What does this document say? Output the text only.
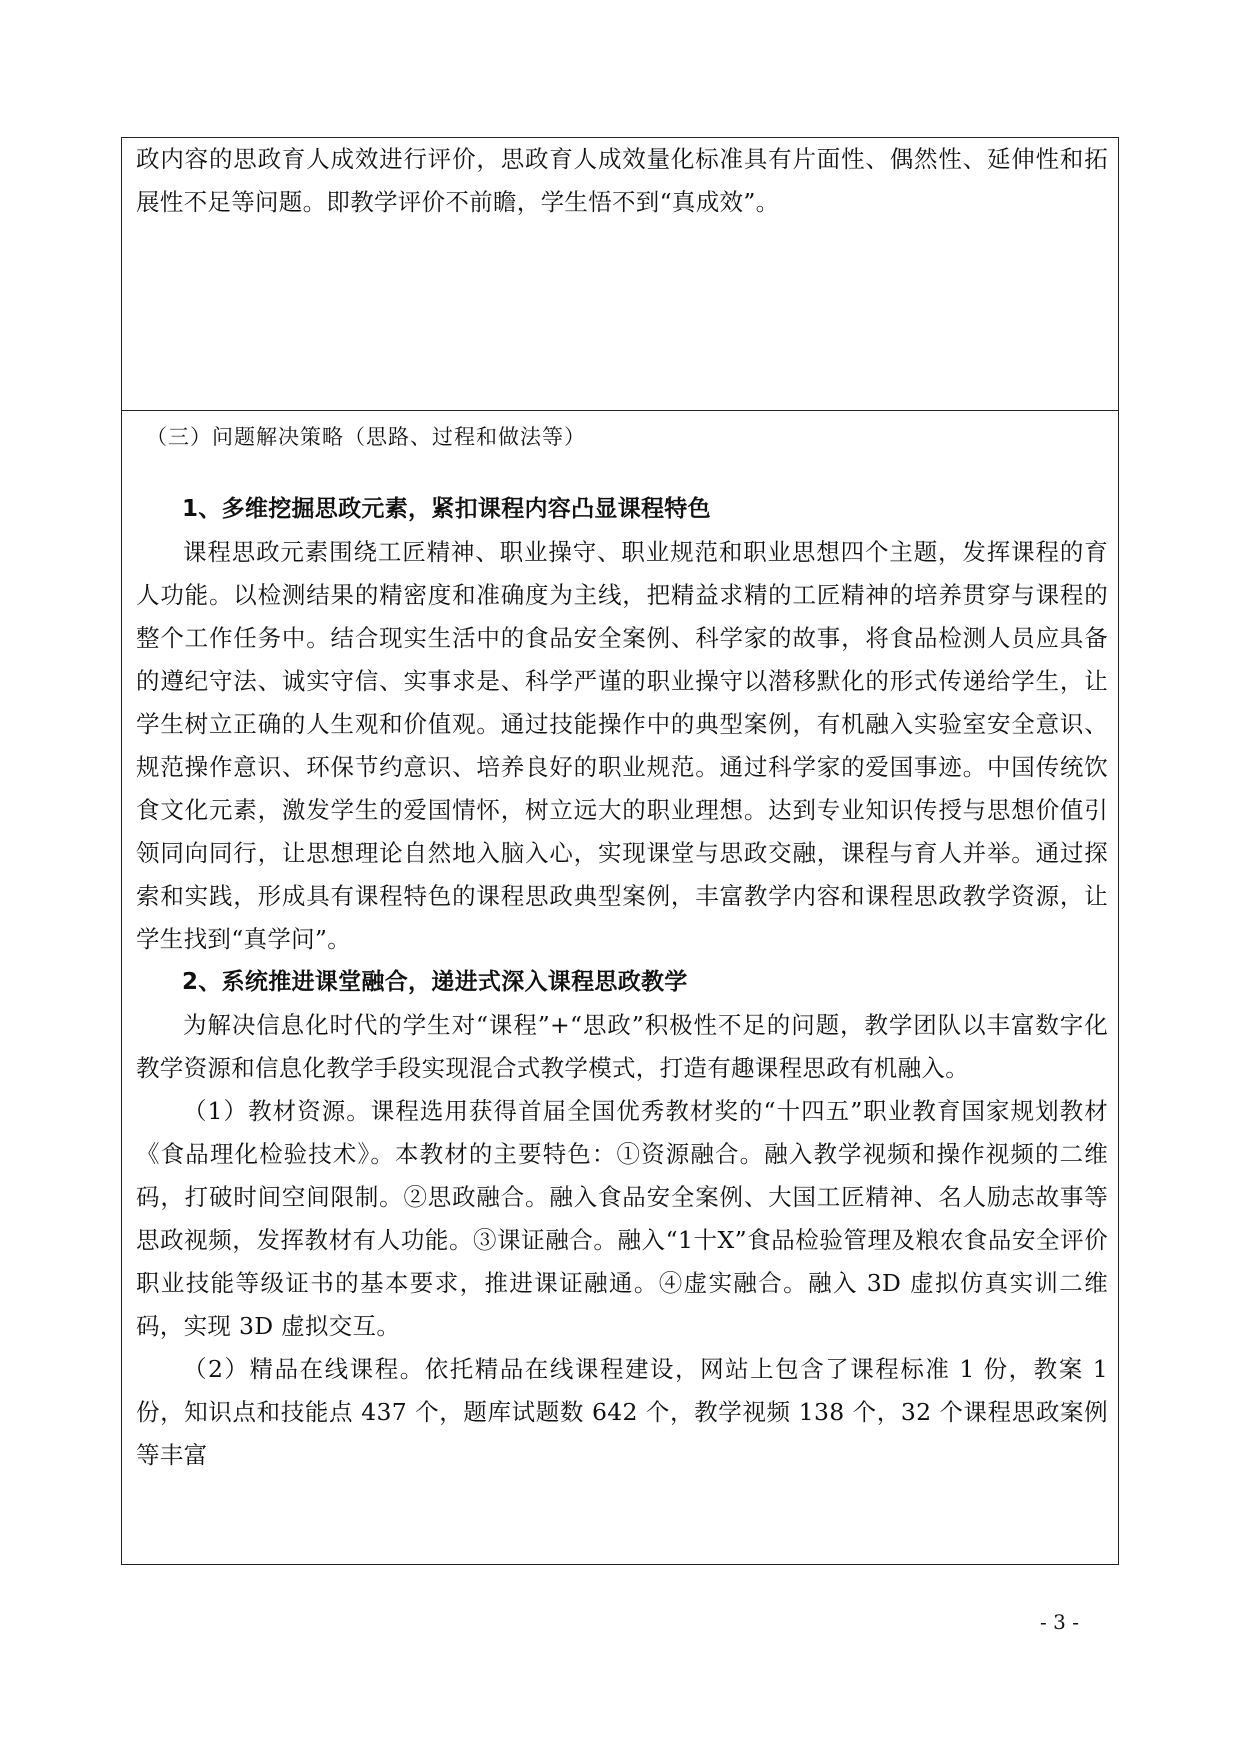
政内容的思政育人成效进行评价，思政育人成效量化标准具有片面性、偶然性、延伸性和拓展性不足等问题。即教学评价不前瞻，学生悟不到“真成效”。

（三）问题解决策略（思路、过程和做法等）

1、多维挖掘思政元素，紧扣课程内容凸显课程特色

课程思政元素围绕工匠精神、职业操守、职业规范和职业思想四个主题，发挥课程的育人功能。以检测结果的精密度和准确度为主线，把精益求精的工匠精神的培养贯穿与课程的整个工作任务中。结合现实生活中的食品安全案例、科学家的故事，将食品检测人员应具备的遵纪守法、诚实守信、实事求是、科学严谨的职业操守以潜移默化的形式传递给学生，让学生树立正确的人生观和价值观。通过技能操作中的典型案例，有机融入实验室安全意识、规范操作意识、环保节约意识、培养良好的职业规范。通过科学家的爱国事迹。中国传统饮食文化元素，激发学生的爱国情怀，树立远大的职业理想。达到专业知识传授与思想价值引领同向同行，让思想理论自然地入脑入心，实现课堂与思政交融，课程与育人并举。通过探索和实践，形成具有课程特色的课程思政典型案例，丰富教学内容和课程思政教学资源，让学生找到“真学问”。

2、系统推进课堂融合，递进式深入课程思政教学

为解决信息化时代的学生对“课程”+“思政”积极性不足的问题，教学团队以丰富数字化教学资源和信息化教学手段实现混合式教学模式，打造有趣课程思政有机融入。

（1）教材资源。课程选用获得首届全国优秀教材奖的“十四五”职业教育国家规划教材《食品理化检验技术》。本教材的主要特色：①资源融合。融入教学视频和操作视频的二维码，打破时间空间限制。②思政融合。融入食品安全案例、大国工匠精神、名人励志故事等思政视频，发挥教材有人功能。③课证融合。融入“1十X”食品检验管理及粮农食品安全评价职业技能等级证书的基本要求，推进课证融通。④虚实融合。融入 3D 虚拟仿真实训二维码，实现 3D 虚拟交互。

（2）精品在线课程。依托精品在线课程建设，网站上包含了课程标准 1 份，教案 1 份，知识点和技能点 437 个，题库试题数 642 个，教学视频 138 个，32 个课程思政案例等丰富

- 3 -
